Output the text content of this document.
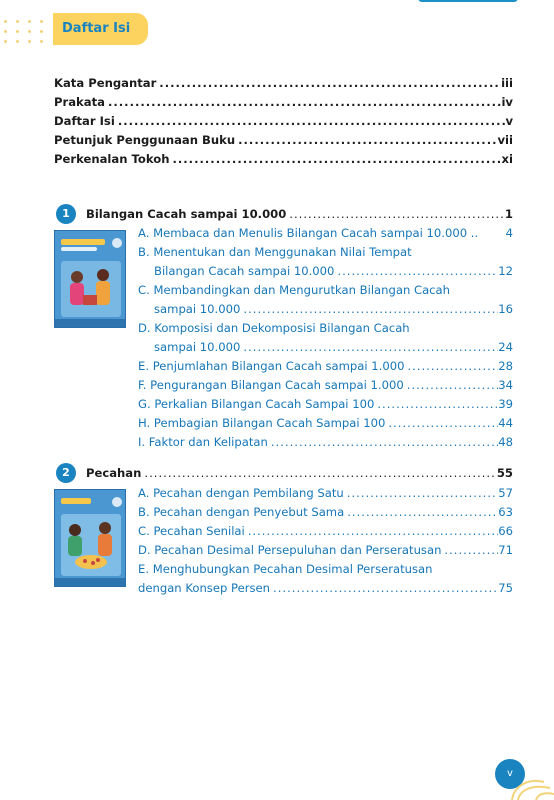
Daftar Isi
Kata Pengantar .....	iii
Prakata .....	iv
Daftar Isi .....	v
Petunjuk Penggunaan Buku .....	vii
Perkenalan Tokoh .....	xi
1	Bilangan Cacah sampai 10.000 .....	1
A. Membaca dan Menulis Bilangan Cacah sampai 10.000 .. 4
B. Menentukan dan Menggunakan Nilai Tempat
Bilangan Cacah sampai 10.000 .....	12
C. Membandingkan dan Mengurutkan Bilangan Cacah
sampai 10.000 .....	16
D. Komposisi dan Dekomposisi Bilangan Cacah
sampai 10.000 .....	24
E. Penjumlahan Bilangan Cacah sampai 1.000 .....	28
F. Pengurangan Bilangan Cacah sampai 1.000 .....	34
G. Perkalian Bilangan Cacah Sampai 100 .....	39
H. Pembagian Bilangan Cacah Sampai 100 .....	44
I. Faktor dan Kelipatan .....	48
2	Pecahan .....	55
A. Pecahan dengan Pembilang Satu .....	57
B. Pecahan dengan Penyebut Sama .....	63
C. Pecahan Senilai .....	66
D. Pecahan Desimal Persepuluhan dan Perseratusan .....	71
E. Menghubungkan Pecahan Desimal Perseratusan
dengan Konsep Persen .....	75
v
